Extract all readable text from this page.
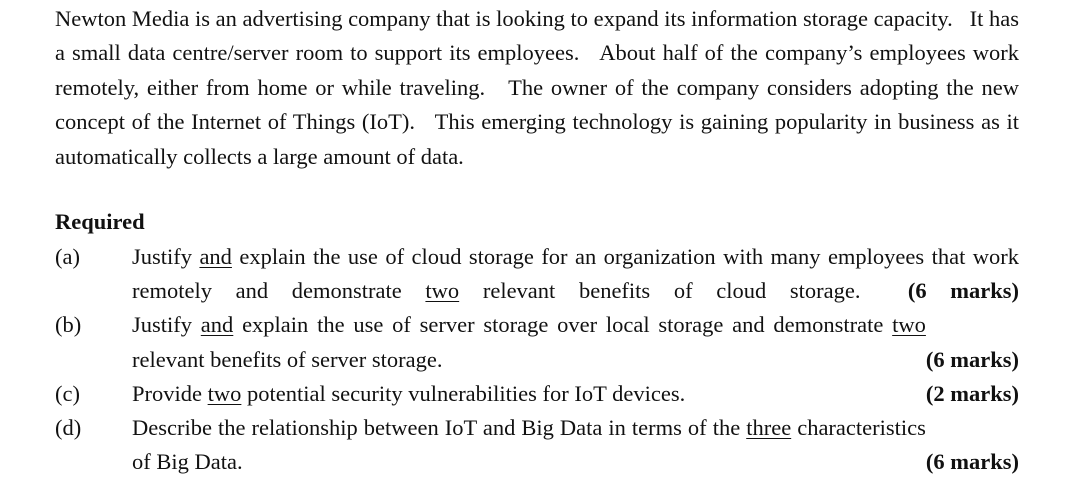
Newton Media is an advertising company that is looking to expand its information storage capacity.   It has a small data centre/server room to support its employees.   About half of the company’s employees work remotely, either from home or while traveling.   The owner of the company considers adopting the new concept of the Internet of Things (IoT).   This emerging technology is gaining popularity in business as it automatically collects a large amount of data.

Required

(a)	Justify and explain the use of cloud storage for an organization with many employees that work remotely and demonstrate two relevant benefits of cloud storage. (6 marks)
(b)
(6 marks)
Justify and explain the use of server storage over local storage and demonstrate two relevant benefits of server storage.
(c)	(2 marks)
Provide two potential security vulnerabilities for IoT devices.
(d)
(6 marks)
Describe the relationship between IoT and Big Data in terms of the three characteristics of Big Data.
